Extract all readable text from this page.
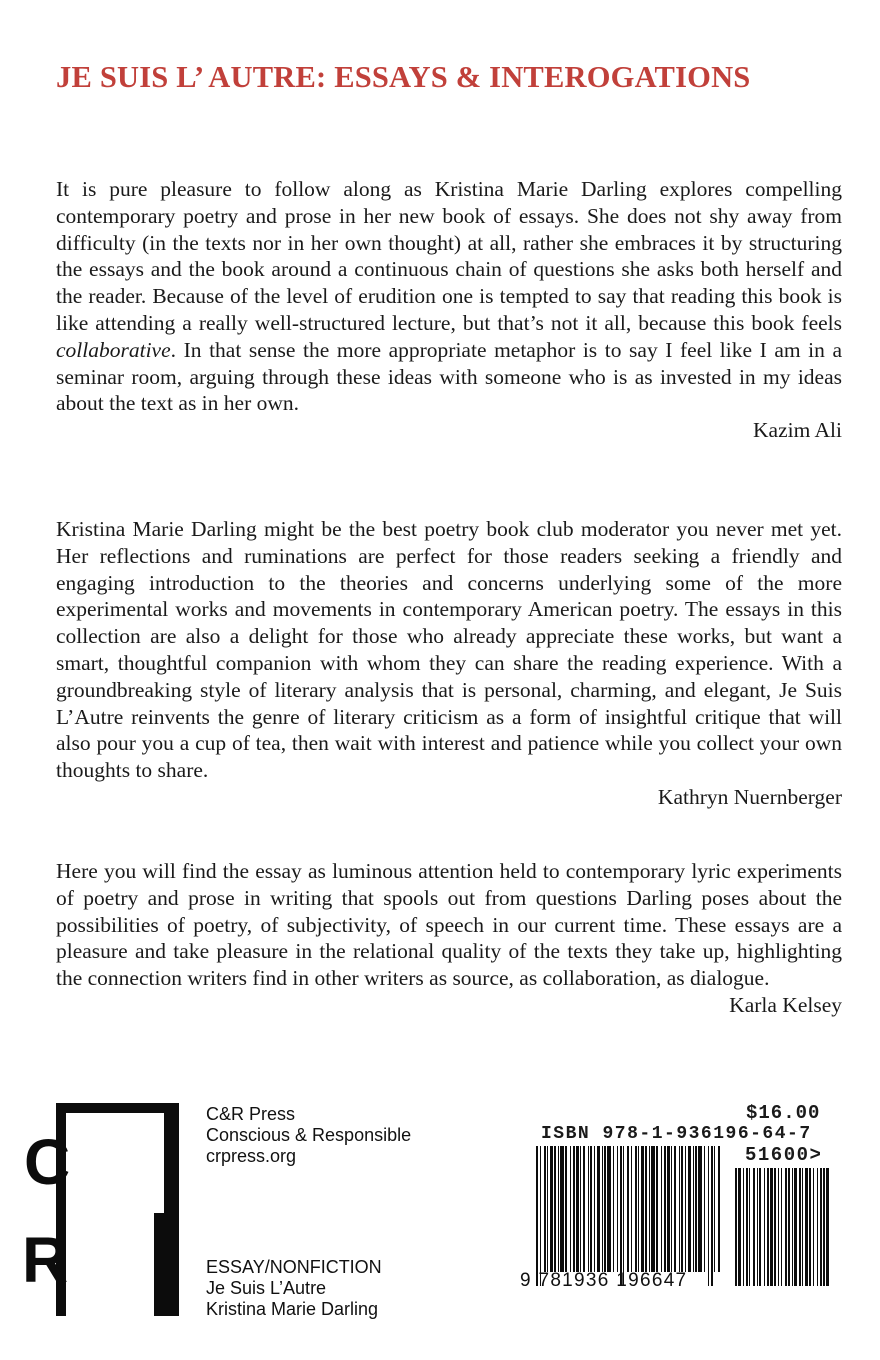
JE SUIS L’ AUTRE: ESSAYS & INTEROGATIONS

It is pure pleasure to follow along as Kristina Marie Darling explores compelling contemporary poetry and prose in her new book of essays. She does not shy away from difficulty (in the texts nor in her own thought) at all, rather she embraces it by structuring the essays and the book around a continuous chain of questions she asks both herself and the reader. Because of the level of erudition one is tempted to say that reading this book is like attending a really well-structured lecture, but that’s not it all, because this book feels collaborative. In that sense the more appropriate metaphor is to say I feel like I am in a seminar room, arguing through these ideas with someone who is as invested in my ideas about the text as in her own.

Kazim Ali

Kristina Marie Darling might be the best poetry book club moderator you never met yet. Her reflections and ruminations are perfect for those readers seeking a friendly and engaging introduction to the theories and concerns underlying some of the more experimental works and movements in contemporary American poetry. The essays in this collection are also a delight for those who already appreciate these works, but want a smart, thoughtful companion with whom they can share the reading experience. With a groundbreaking style of literary analysis that is personal, charming, and elegant, Je Suis L’Autre reinvents the genre of literary criticism as a form of insightful critique that will also pour you a cup of tea, then wait with interest and patience while you collect your own thoughts to share.

Kathryn Nuernberger

Here you will find the essay as luminous attention held to contemporary lyric experiments of poetry and prose in writing that spools out from questions Darling poses about the possibilities of poetry, of subjectivity, of speech in our current time. These essays are a pleasure and take pleasure in the relational quality of the texts they take up, highlighting the connection writers find in other writers as source, as collaboration, as dialogue.

Karla Kelsey

C
R
C&R Press
Conscious & Responsible
crpress.org
ESSAY/NONFICTION
Je Suis L’Autre
Kristina Marie Darling
$16.00
ISBN 978-1-936196-64-7
51600>
9 781936 196647
